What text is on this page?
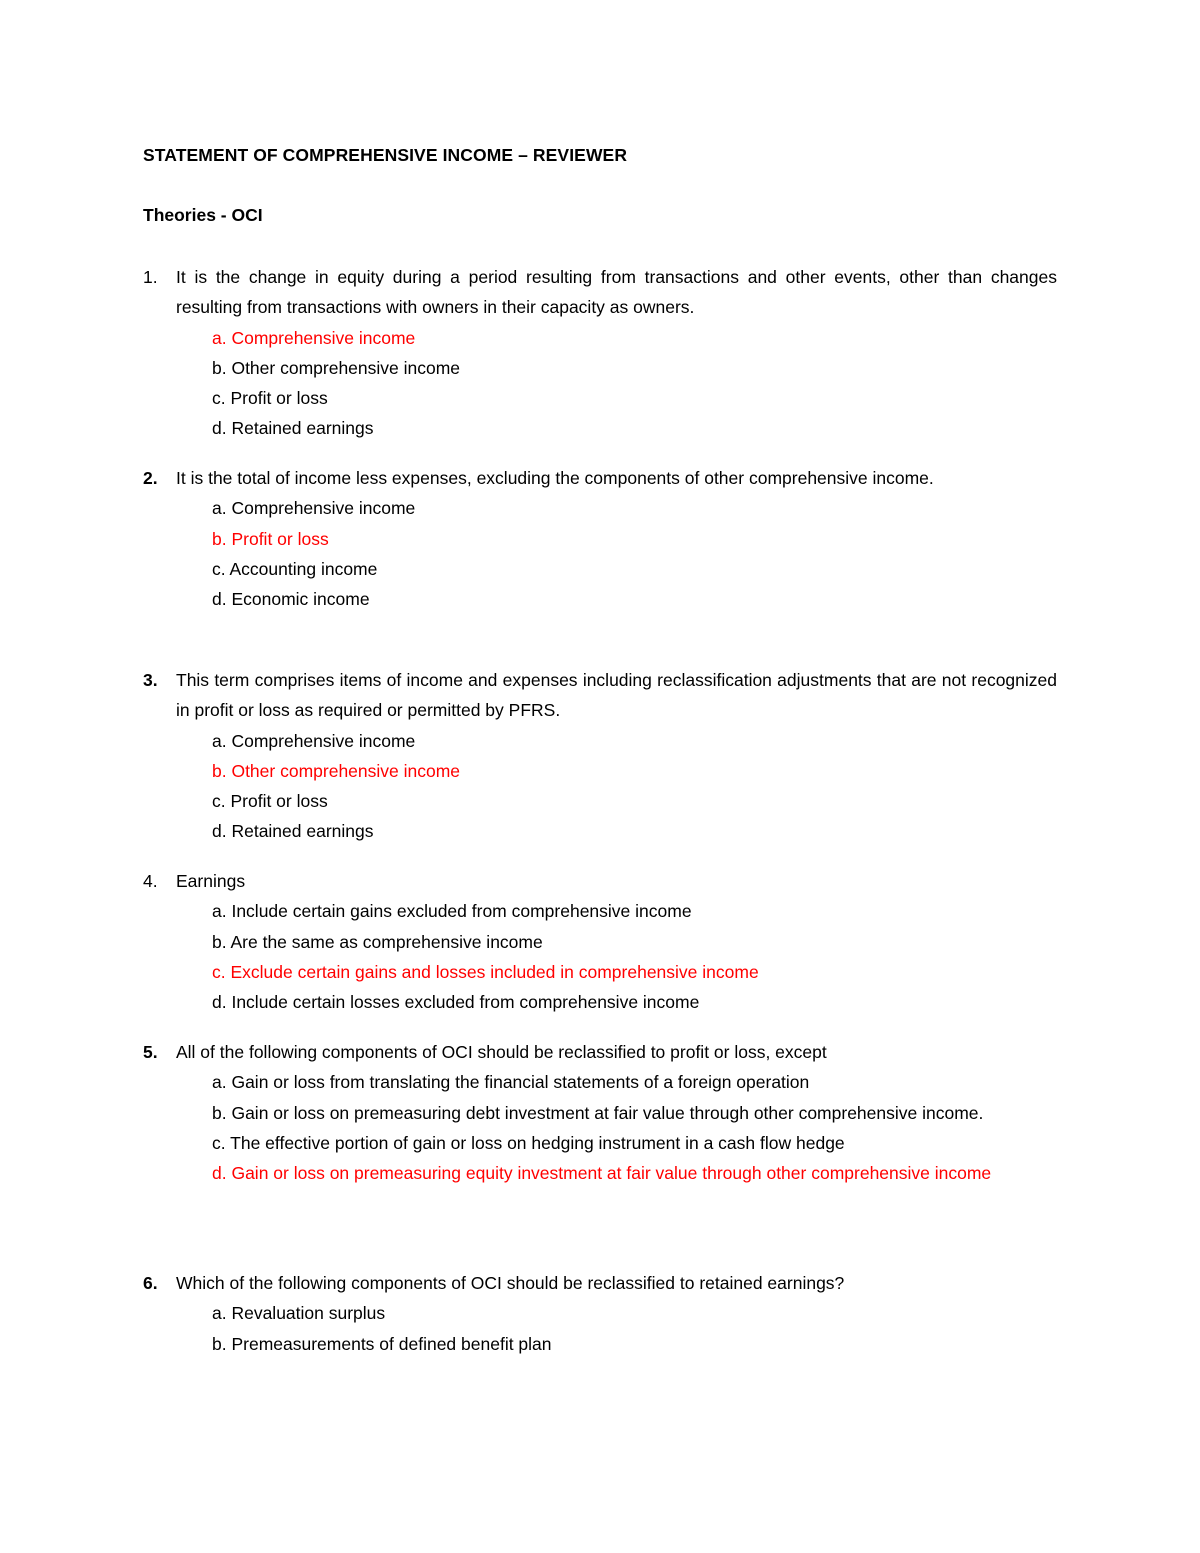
STATEMENT OF COMPREHENSIVE INCOME – REVIEWER
Theories - OCI
1.	It is the change in equity during a period resulting from transactions and other events, other than changes resulting from transactions with owners in their capacity as owners.
a. Comprehensive income
b. Other comprehensive income
c. Profit or loss
d. Retained earnings
2.	It is the total of income less expenses, excluding the components of other comprehensive income.
a. Comprehensive income
b. Profit or loss
c. Accounting income
d. Economic income
3.	This term comprises items of income and expenses including reclassification adjustments that are not recognized in profit or loss as required or permitted by PFRS.
a. Comprehensive income
b. Other comprehensive income
c. Profit or loss
d. Retained earnings
4.	Earnings
a. Include certain gains excluded from comprehensive income
b. Are the same as comprehensive income
c. Exclude certain gains and losses included in comprehensive income
d. Include certain losses excluded from comprehensive income
5.	All of the following components of OCI should be reclassified to profit or loss, except
a. Gain or loss from translating the financial statements of a foreign operation
b. Gain or loss on premeasuring debt investment at fair value through other comprehensive income.
c. The effective portion of gain or loss on hedging instrument in a cash flow hedge
d. Gain or loss on premeasuring equity investment at fair value through other comprehensive income
6.	Which of the following components of OCI should be reclassified to retained earnings?
a. Revaluation surplus
b. Premeasurements of defined benefit plan
